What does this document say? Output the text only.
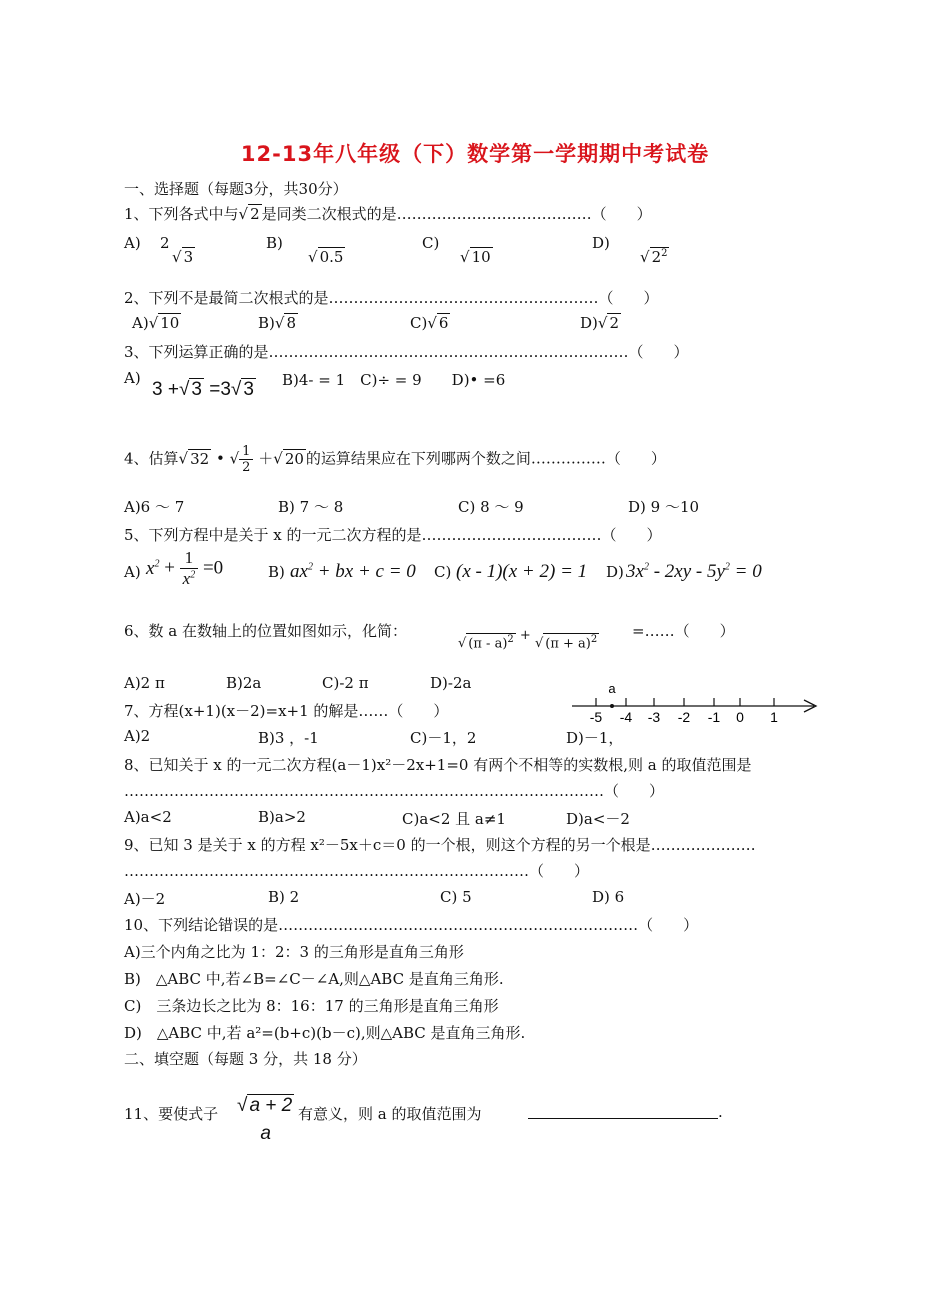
12-13年八年级（下）数学第一学期期中考试卷
一、选择题（每题3分，共30分）
1、下列各式中与√ 2 是同类二次根式的是…………………………………（　　）
A) 2
√ 3
B)
√ 0.5
C)
√ 10
D)
√ $2^2$
2、下列不是最简二次根式的是………………………………………………（　　）
A)√ 10	B)√ 8	C)√ 6	D)√ 2
3、下列运算正确的是………………………………………………………………（　　）
A)
3 +√ 3 =3√ 3 B)4- = 1　C)÷ = 9　　D)• =6
4、估算√ 32 • √ $\frac{1}{2}$ ＋√ 20 的运算结果应在下列哪两个数之间……………（　　）
A)6 ～ 7	B) 7 ～ 8	C) 8 ～ 9	D) 9 ～10
5、下列方程中是关于 x 的一元二次方程的是………………………………（　　）
A) $x^2 + \frac{1}{x^2} =0$	B) $ax^2$ + bx + c = 0 C) (x - 1)(x + 2) = 1 D) $3x^2 - 2xy - 5y^2 = 0$
6、数 a 在数轴上的位置如图如示，化简：
√ (π - a)$^2$ + √ $(\pi + a)^2$ =……（　　）
A)2 π	B)2a	C)-2 π	D)-2a
-5 -4 -3 -2 -1 0 1
a
7、方程(x+1)(x－2)=x+1 的解是……（　　）
A)2	B)3 ，-1	C)－1，2	D)－1，
8、已知关于 x 的一元二次方程(a－1)x²－2x+1=0 有两个不相等的实数根,则 a 的取值范围是
……………………………………………………………………………………（　　）
A)a<2	B)a>2	C)a<2 且 a≠1	D)a<－2
9、已知 3 是关于 x 的方程 x²－5x＋c＝0 的一个根，则这个方程的另一个根是…………………
………………………………………………………………………（　　）
A)－2	B) 2	C) 5	D) 6
10、下列结论错误的是………………………………………………………………（　　）
A)三个内角之比为 1：2：3 的三角形是直角三角形
B)　△ABC 中,若∠B=∠C－∠A,则△ABC 是直角三角形.
C)　三条边长之比为 8：16：17 的三角形是直角三角形
D)　△ABC 中,若 a²=(b+c)(b－c),则△ABC 是直角三角形.
二、填空题（每题 3 分，共 18 分）
11、要使式子 √ a + 2
a
有意义，则 a 的取值范围为	.
